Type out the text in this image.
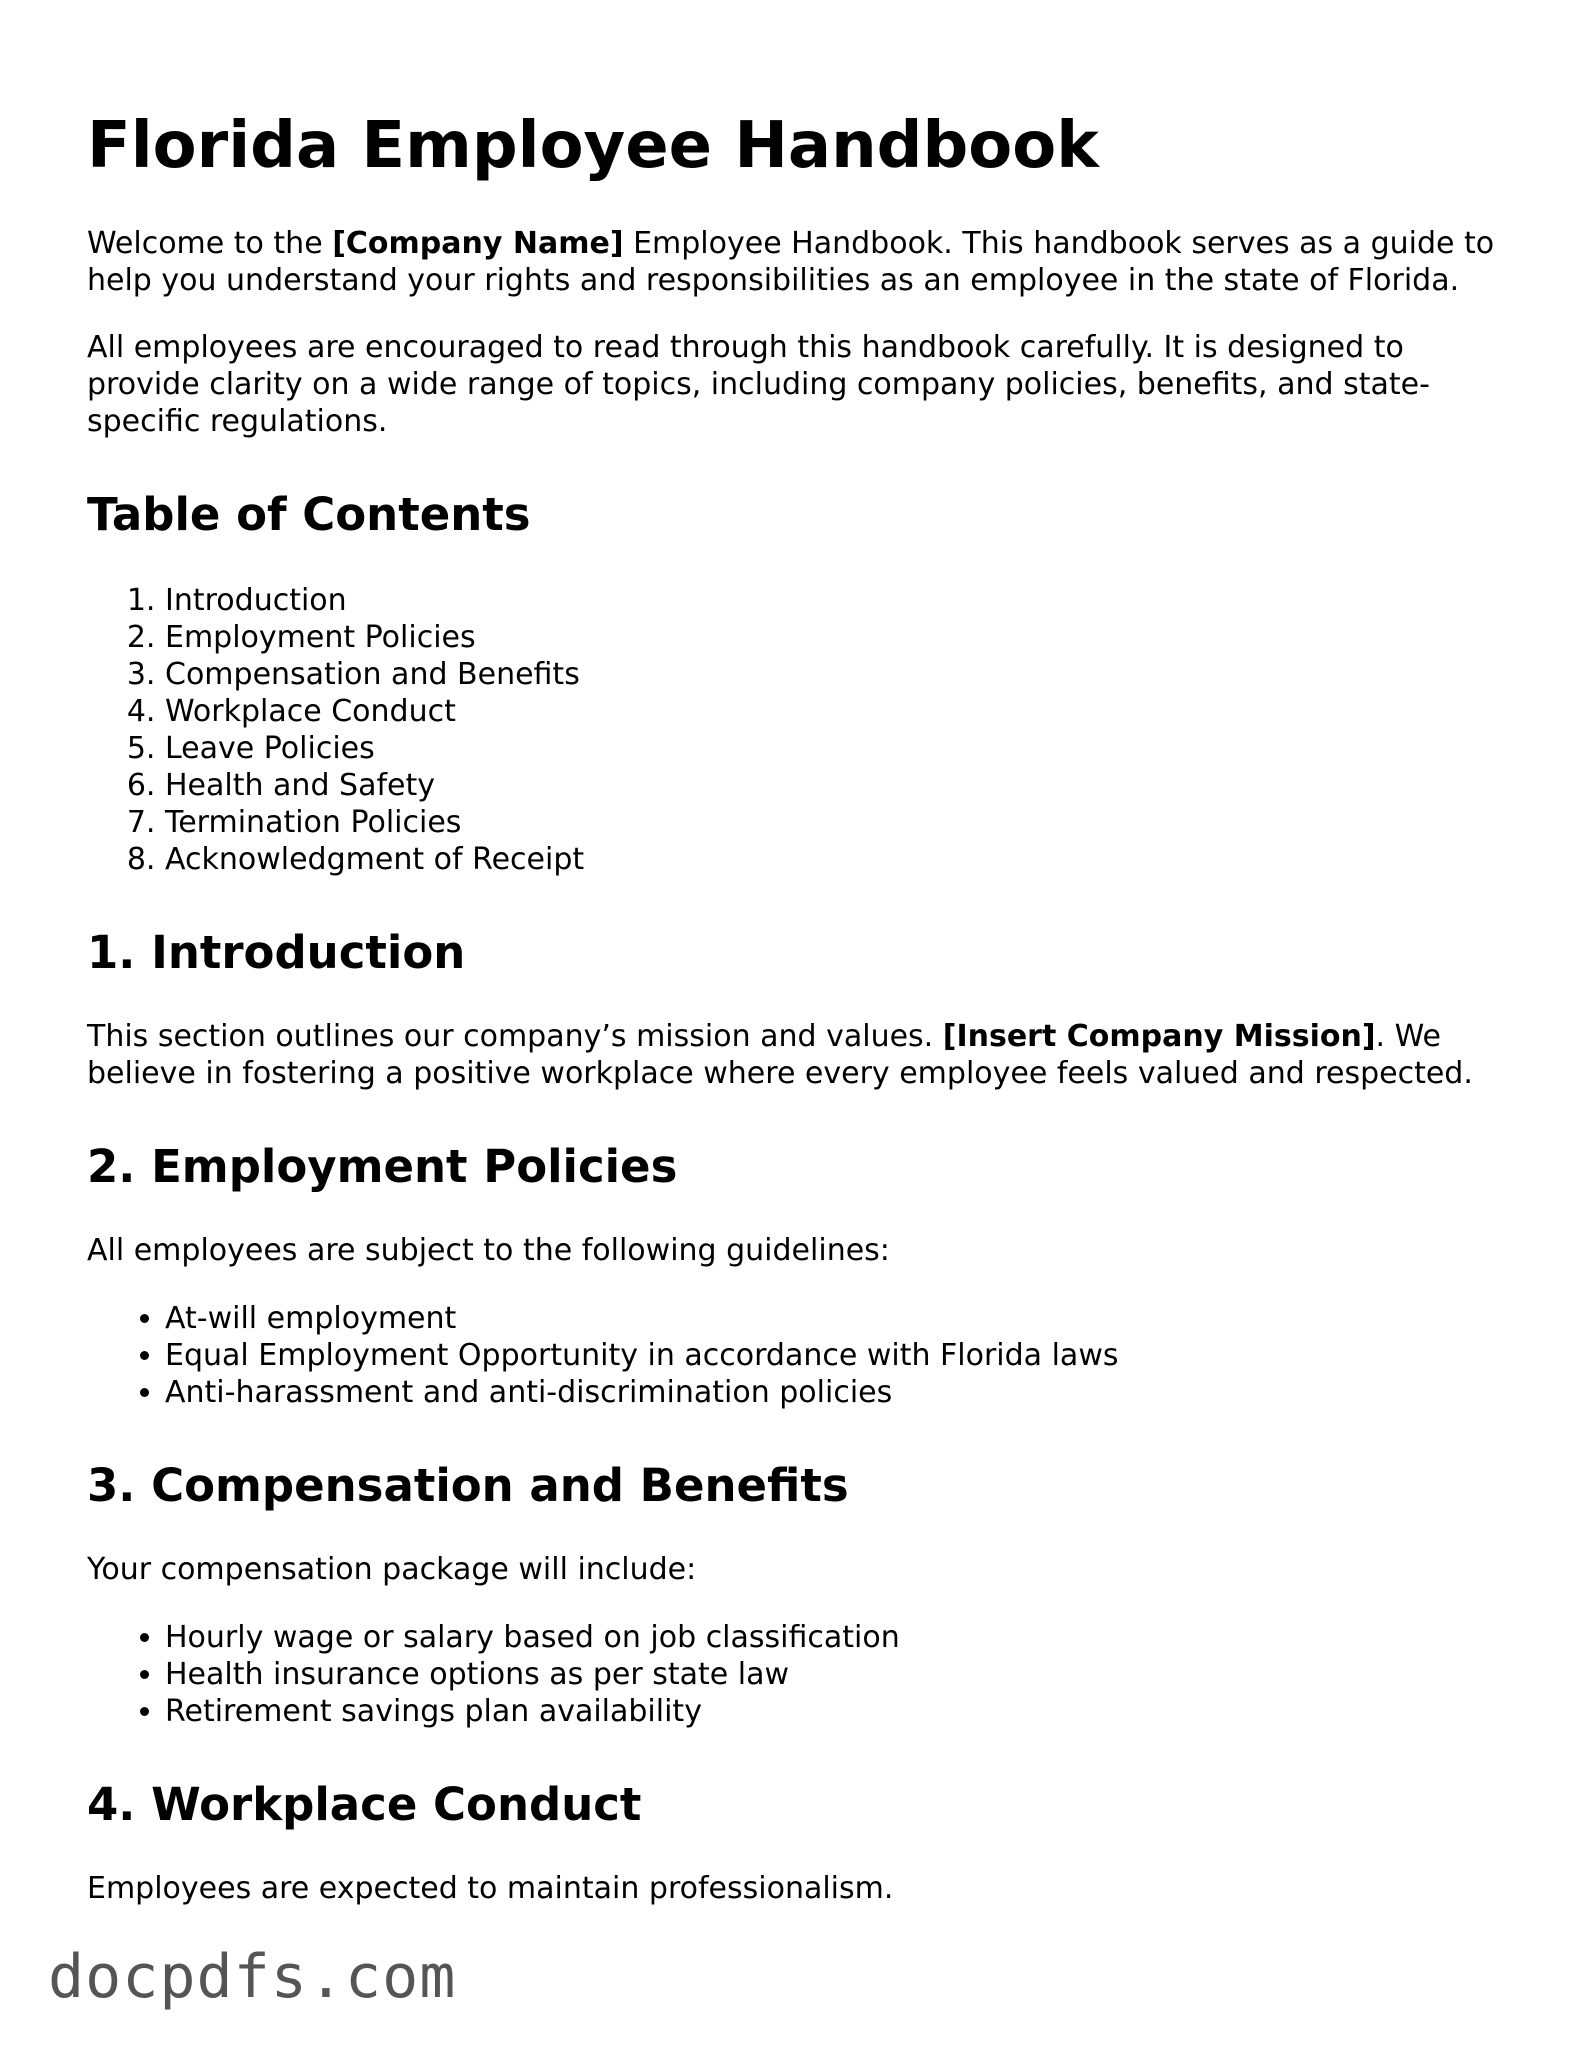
Florida Employee Handbook

Welcome to the [Company Name] Employee Handbook. This handbook serves as a guide to help you understand your rights and responsibilities as an employee in the state of Florida.

All employees are encouraged to read through this handbook carefully. It is designed to provide clarity on a wide range of topics, including company policies, benefits, and state-specific regulations.

Table of Contents
1. Introduction
2. Employment Policies
3. Compensation and Benefits
4. Workplace Conduct
5. Leave Policies
6. Health and Safety
7. Termination Policies
8. Acknowledgment of Receipt
1. Introduction

This section outlines our company’s mission and values. [Insert Company Mission]. We believe in fostering a positive workplace where every employee feels valued and respected.

2. Employment Policies

All employees are subject to the following guidelines:

• At-will employment
• Equal Employment Opportunity in accordance with Florida laws
• Anti-harassment and anti-discrimination policies
3. Compensation and Benefits

Your compensation package will include:

• Hourly wage or salary based on job classification
• Health insurance options as per state law
• Retirement savings plan availability
4. Workplace Conduct

Employees are expected to maintain professionalism.

docpdfs.com
